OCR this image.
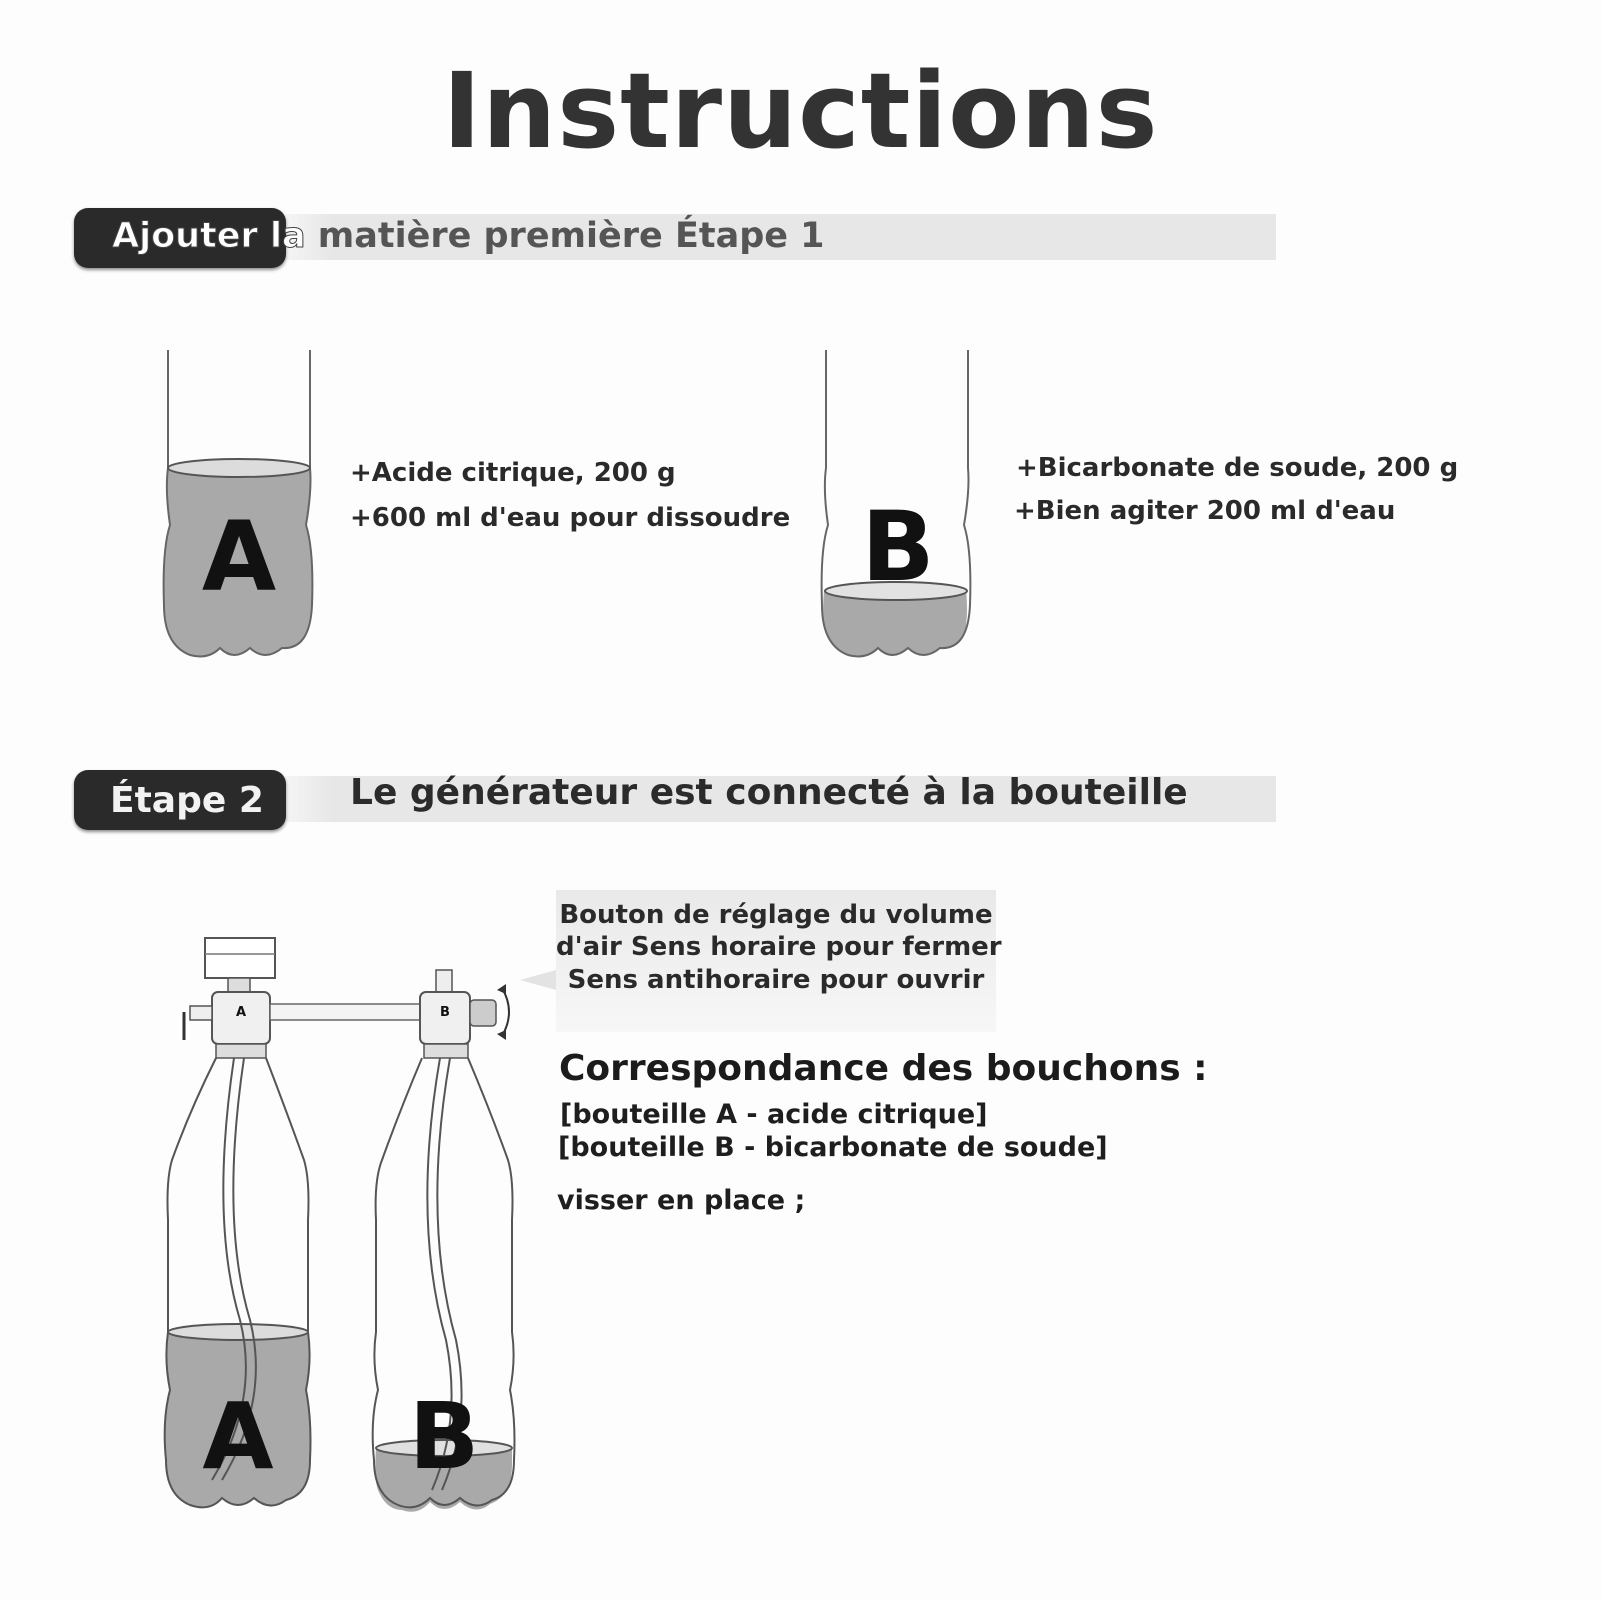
Instructions
Ajouter la matière première Étape 1
A
+Acide citrique, 200 g
+600 ml d'eau pour dissoudre B
+Bicarbonate de soude, 200 g
+Bien agiter 200 ml d'eau
Étape 2 Le générateur est connecté à la bouteille
Bouton de réglage du volume
d'air Sens horaire pour fermer
Sens antihoraire pour ouvrir
Correspondance des bouchons :
[bouteille A - acide citrique]
[bouteille B - bicarbonate de soude]
visser en place ;
A	B
A B
